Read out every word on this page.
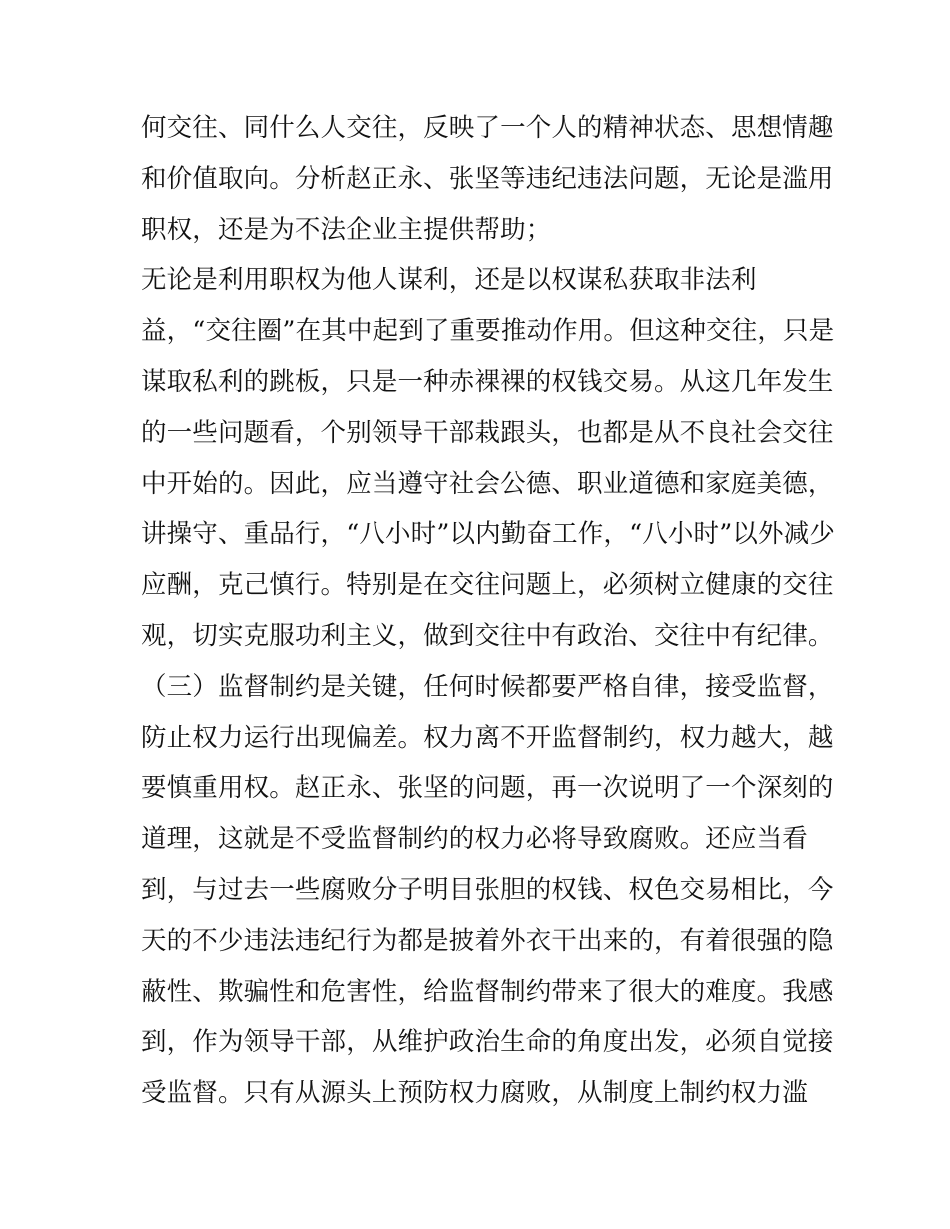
何交往、同什么人交往，反映了一个人的精神状态、思想情趣
和价值取向。分析赵正永、张坚等违纪违法问题，无论是滥用
职权，还是为不法企业主提供帮助；
无论是利用职权为他人谋利，还是以权谋私获取非法利
益，“交往圈”在其中起到了重要推动作用。但这种交往，只是
谋取私利的跳板，只是一种赤裸裸的权钱交易。从这几年发生
的一些问题看，个别领导干部栽跟头，也都是从不良社会交往
中开始的。因此，应当遵守社会公德、职业道德和家庭美德，
讲操守、重品行，“八小时”以内勤奋工作，“八小时”以外减少
应酬，克己慎行。特别是在交往问题上，必须树立健康的交往
观，切实克服功利主义，做到交往中有政治、交往中有纪律。
（三）监督制约是关键，任何时候都要严格自律，接受监督，
防止权力运行出现偏差。权力离不开监督制约，权力越大，越
要慎重用权。赵正永、张坚的问题，再一次说明了一个深刻的
道理，这就是不受监督制约的权力必将导致腐败。还应当看
到，与过去一些腐败分子明目张胆的权钱、权色交易相比，今
天的不少违法违纪行为都是披着外衣干出来的，有着很强的隐
蔽性、欺骗性和危害性，给监督制约带来了很大的难度。我感
到，作为领导干部，从维护政治生命的角度出发，必须自觉接
受监督。只有从源头上预防权力腐败，从制度上制约权力滥
